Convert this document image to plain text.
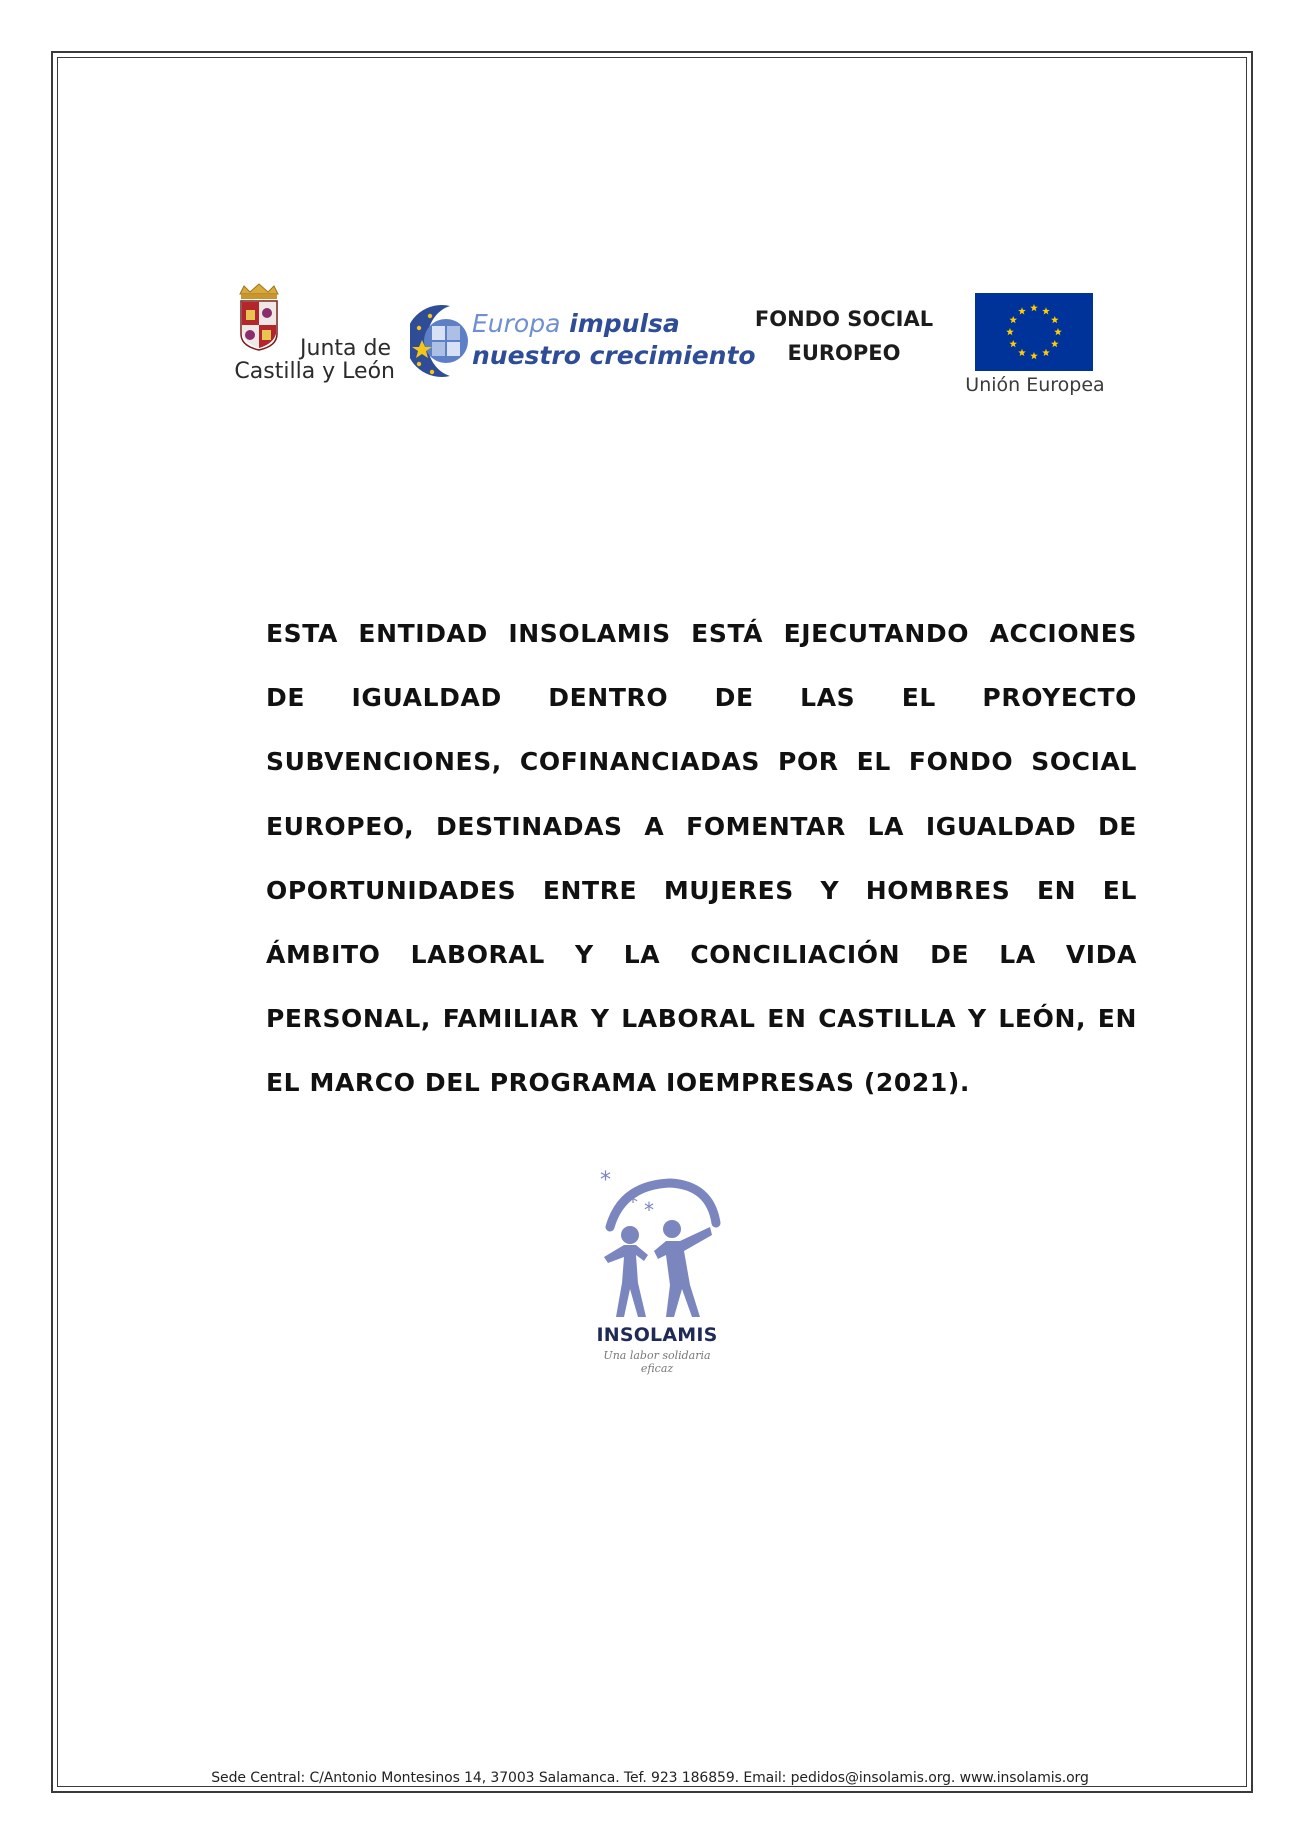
Junta de
Castilla y León
Europa impulsa
nuestro crecimiento
FONDO SOCIAL
EUROPEO
Unión Europea
ESTA ENTIDAD INSOLAMIS ESTÁ EJECUTANDO ACCIONES
DE IGUALDAD DENTRO DE LAS EL PROYECTO
SUBVENCIONES, COFINANCIADAS POR EL FONDO SOCIAL
EUROPEO, DESTINADAS A FOMENTAR LA IGUALDAD DE
OPORTUNIDADES ENTRE MUJERES Y HOMBRES EN EL
ÁMBITO LABORAL Y LA CONCILIACIÓN DE LA VIDA
PERSONAL, FAMILIAR Y LABORAL EN CASTILLA Y LEÓN, EN
EL MARCO DEL PROGRAMA IOEMPRESAS (2021).
*
* *
INSOLAMIS
Una labor solidaria eficaz
Sede Central: C/Antonio Montesinos 14, 37003 Salamanca. Tef. 923 186859. Email: pedidos@insolamis.org. www.insolamis.org
